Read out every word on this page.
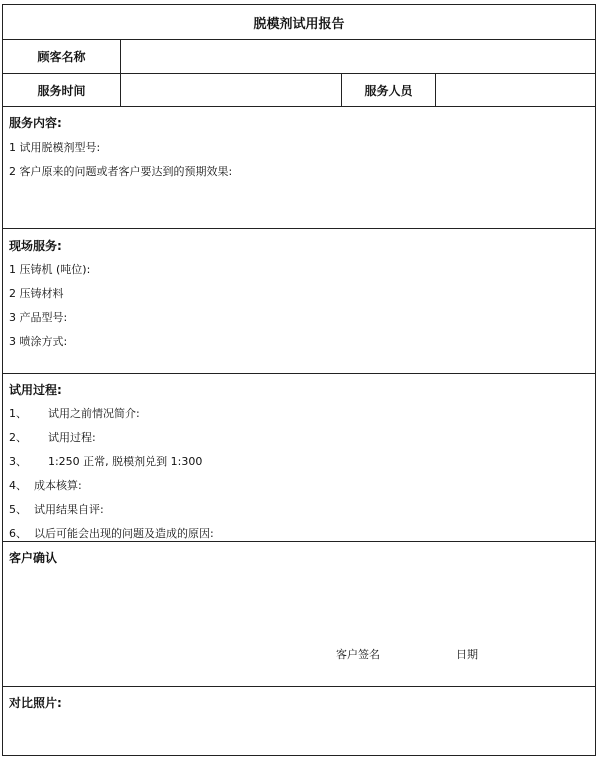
脱模剂试用报告
顾客名称
服务时间	服务人员
服务内容:
1 试用脱模剂型号:
2 客户原来的问题或者客户要达到的预期效果:
现场服务:
1 压铸机 (吨位):
2 压铸材料
3 产品型号:
3 喷涂方式:
试用过程:
1、      试用之前情况简介:
2、      试用过程:
3、      1:250 正常, 脱模剂兑到 1:300
4、  成本核算:
5、  试用结果自评:
6、  以后可能会出现的问题及造成的原因:
客户确认
客户签名	日期
对比照片:
